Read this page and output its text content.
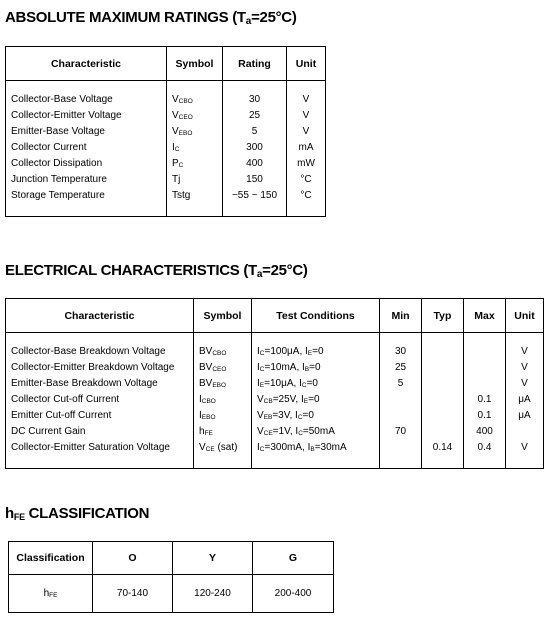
ABSOLUTE MAXIMUM RATINGS (Ta=25°C)
Characteristic	Symbol	Rating	Unit
Collector-Base Voltage	VCBO	30	V
Collector-Emitter Voltage	VCEO	25	V
Emitter-Base Voltage	VEBO	5	V
Collector Current	IC	300	mA
Collector Dissipation	PC	400	mW
Junction Temperature	Tj	150	°C
Storage Temperature	Tstg	−55 ~ 150	°C
ELECTRICAL CHARACTERISTICS (Ta=25°C)
Characteristic	Symbol	Test Conditions	Min	Typ	Max	Unit
Collector-Base Breakdown Voltage	BVCBO	IC=100μA, IE=0	30			V
Collector-Emitter Breakdown Voltage	BVCEO	IC=10mA, IB=0	25			V
Emitter-Base Breakdown Voltage	BVEBO	IE=10μA, IC=0	5			V
Collector Cut-off Current	ICBO	VCB=25V, IE=0			0.1	μA
Emitter Cut-off Current	IEBO	VEB=3V, IC=0			0.1	μA
DC Current Gain	hFE	VCE=1V, IC=50mA	70		400	
Collector-Emitter Saturation Voltage	VCE (sat)	IC=300mA, IB=30mA		0.14	0.4	V
hFE CLASSIFICATION
Classification	O	Y	G
hFE	70-140	120-240	200-400
